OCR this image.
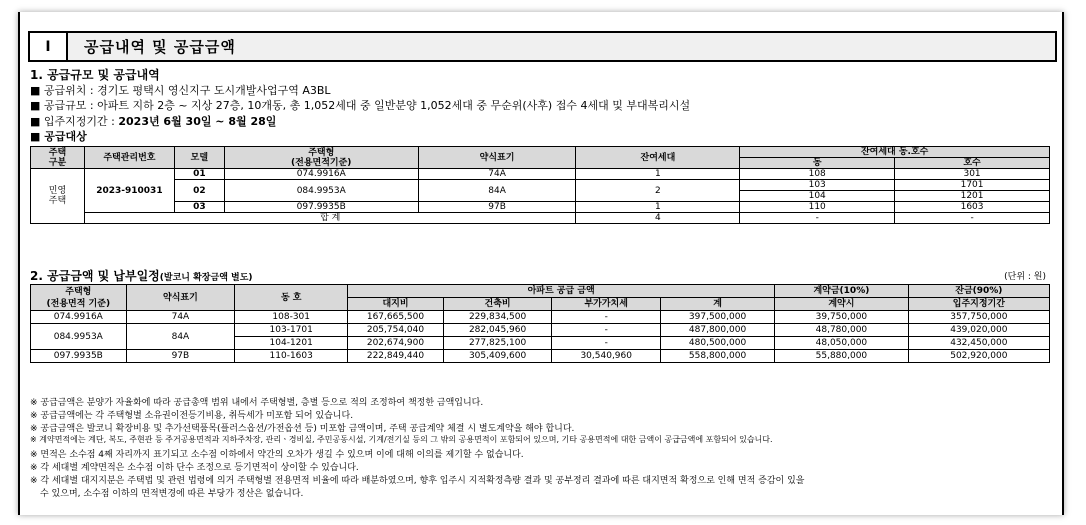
I	공급내역 및 공급금액
1. 공급규모 및 공급내역
■ 공급위치 : 경기도 평택시 영신지구 도시개발사업구역 A3BL
■ 공급규모 : 아파트 지하 2층 ~ 지상 27층, 10개동, 총 1,052세대 중 일반분양 1,052세대 중 무순위(사후) 접수 4세대 및 부대복리시설
■ 입주지정기간 : 2023년 6월 30일 ~ 8월 28일
■ 공급대상
주택
구분	주택관리번호	모델	주택형
(전용면적기준)	약식표기	잔여세대	잔여세대 동.호수	
						동	호수
민영
주택	2023-910031	01	074.9916A	74A	1	108	301
		02	084.9953A	84A	2	103	1701
						104	1201
		03	097.9935B	97B	1	110	1603
	합 계				4	-	-
2. 공급금액 및 납부일정(발코니 확장금액 별도)	(단위 : 원)
주택형
(전용면적 기준)	약식표기	동 호	아파트 공급 금액				계약금(10%)	잔금(90%)
			대지비	건축비	부가가치세	계	계약시	입주지정기간
074.9916A	74A	108-301	167,665,500	229,834,500	-	397,500,000	39,750,000	357,750,000
084.9953A	84A	103-1701	205,754,040	282,045,960	-	487,800,000	48,780,000	439,020,000
		104-1201	202,674,900	277,825,100	-	480,500,000	48,050,000	432,450,000
097.9935B	97B	110-1603	222,849,440	305,409,600	30,540,960	558,800,000	55,880,000	502,920,000
※ 공급금액은 분양가 자율화에 따라 공급총액 범위 내에서 주택형별, 층별 등으로 적의 조정하여 책정한 금액입니다.
※ 공급금액에는 각 주택형별 소유권이전등기비용, 취득세가 미포함 되어 있습니다.
※ 공급금액은 발코니 확장비용 및 추가선택품목(플러스옵션/가전옵션 등) 미포함 금액이며, 주택 공급계약 체결 시 별도계약을 해야 합니다.
※ 계약면적에는 계단, 복도, 주현관 등 주거공용면적과 지하주차장, 관리ㆍ경비실, 주민공동시설, 기계/전기실 등의 그 밖의 공용면적이 포함되어 있으며, 기타 공용면적에 대한 금액이 공급금액에 포함되어 있습니다.
※ 면적은 소수점 4째 자리까지 표기되고 소수점 이하에서 약간의 오차가 생길 수 있으며 이에 대해 이의를 제기할 수 없습니다.
※ 각 세대별 계약면적은 소수점 이하 단수 조정으로 등기면적이 상이할 수 있습니다.
※ 각 세대별 대지지분은 주택법 및 관련 법령에 의거 주택형별 전용면적 비율에 따라 배분하였으며, 향후 입주시 지적확정측량 결과 및 공부정리 결과에 따른 대지면적 확정으로 인해 면적 증감이 있을
수 있으며, 소수점 이하의 면적변경에 따른 부당가 정산은 없습니다.
